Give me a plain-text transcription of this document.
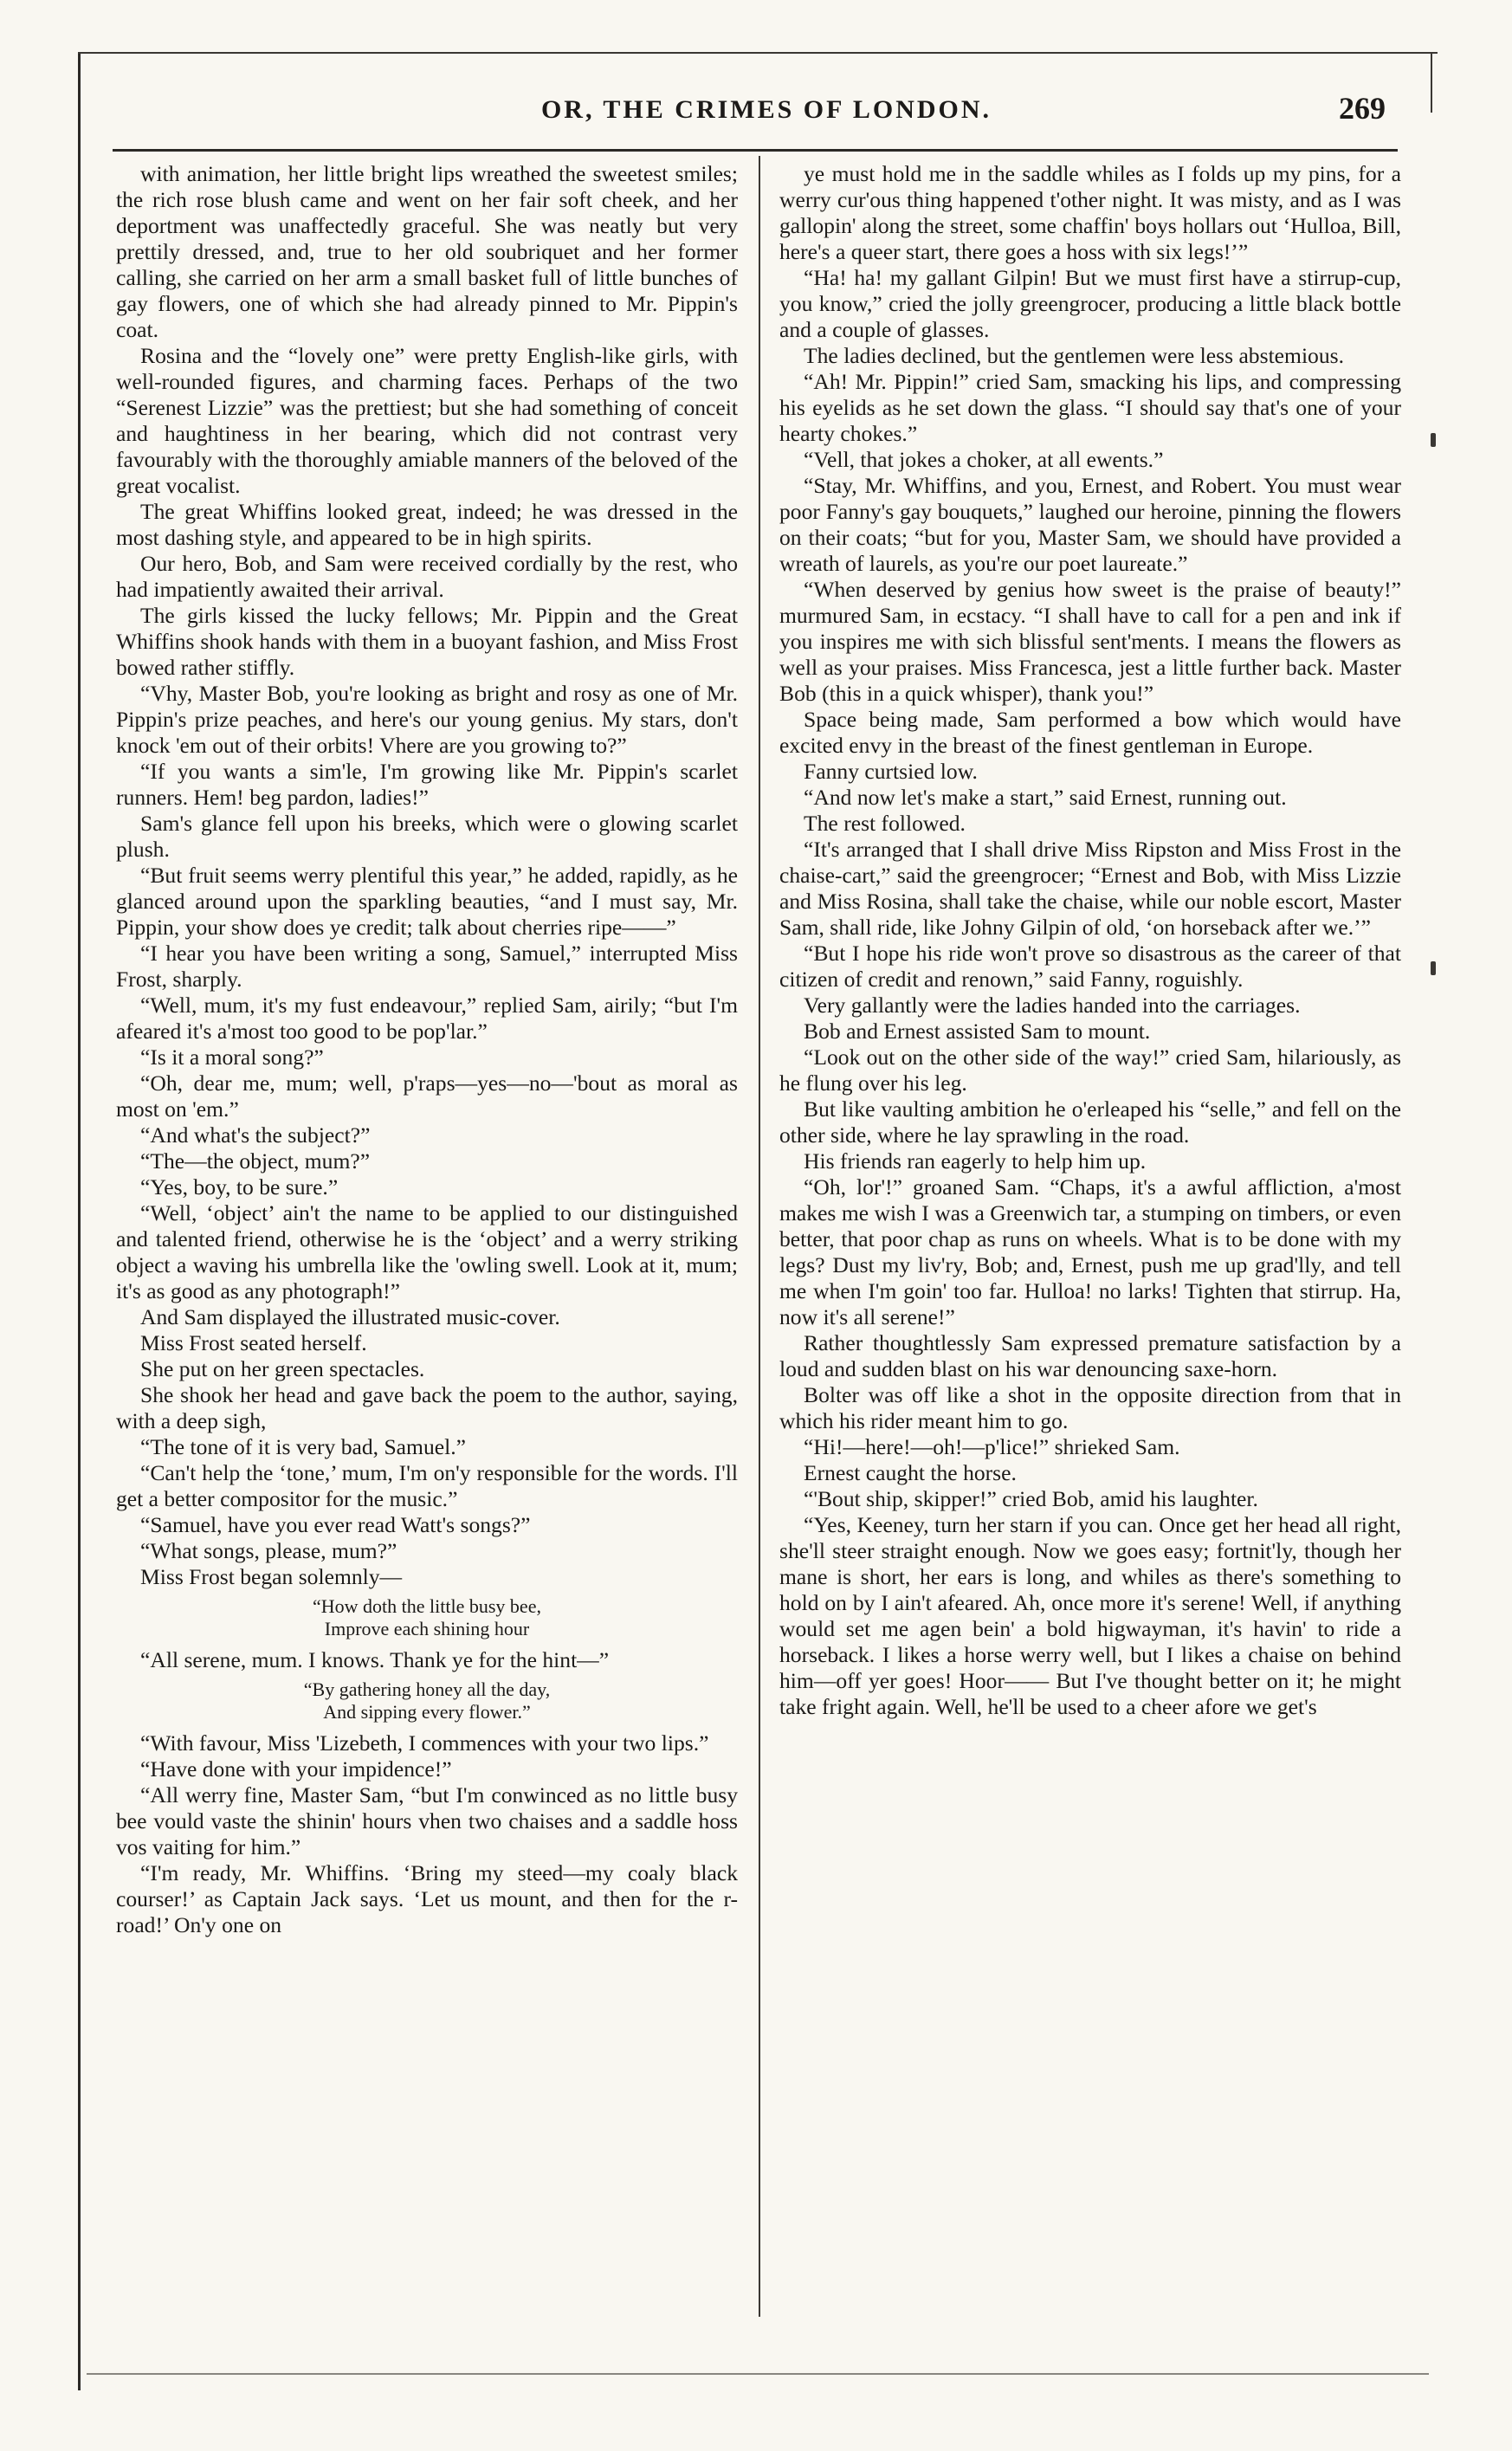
OR, THE CRIMES OF LONDON.	269

with animation, her little bright lips wreathed the sweetest smiles; the rich rose blush came and went on her fair soft cheek, and her deportment was unaffectedly graceful. She was neatly but very prettily dressed, and, true to her old soubriquet and her former calling, she carried on her arm a small basket full of little bunches of gay flowers, one of which she had already pinned to Mr. Pippin's coat.

Rosina and the “lovely one” were pretty English-like girls, with well-rounded figures, and charming faces. Perhaps of the two “Serenest Lizzie” was the prettiest; but she had something of conceit and haughtiness in her bearing, which did not contrast very favourably with the thoroughly amiable manners of the beloved of the great vocalist.

The great Whiffins looked great, indeed; he was dressed in the most dashing style, and appeared to be in high spirits.

Our hero, Bob, and Sam were received cordially by the rest, who had impatiently awaited their arrival.

The girls kissed the lucky fellows; Mr. Pippin and the Great Whiffins shook hands with them in a buoyant fashion, and Miss Frost bowed rather stiffly.

“Vhy, Master Bob, you're looking as bright and rosy as one of Mr. Pippin's prize peaches, and here's our young genius. My stars, don't knock 'em out of their orbits! Vhere are you growing to?”

“If you wants a sim'le, I'm growing like Mr. Pippin's scarlet runners. Hem! beg pardon, ladies!”

Sam's glance fell upon his breeks, which were o glowing scarlet plush.

“But fruit seems werry plentiful this year,” he added, rapidly, as he glanced around upon the sparkling beauties, “and I must say, Mr. Pippin, your show does ye credit; talk about cherries ripe——”

“I hear you have been writing a song, Samuel,” interrupted Miss Frost, sharply.

“Well, mum, it's my fust endeavour,” replied Sam, airily; “but I'm afeared it's a'most too good to be pop'lar.”

“Is it a moral song?”

“Oh, dear me, mum; well, p'raps—yes—no—'bout as moral as most on 'em.”

“And what's the subject?”

“The—the object, mum?”

“Yes, boy, to be sure.”

“Well, ‘object’ ain't the name to be applied to our distinguished and talented friend, otherwise he is the ‘object’ and a werry striking object a waving his umbrella like the 'owling swell. Look at it, mum; it's as good as any photograph!”

And Sam displayed the illustrated music-cover.

Miss Frost seated herself.

She put on her green spectacles.

She shook her head and gave back the poem to the author, saying, with a deep sigh,

“The tone of it is very bad, Samuel.”

“Can't help the ‘tone,’ mum, I'm on'y responsible for the words. I'll get a better compositor for the music.”

“Samuel, have you ever read Watt's songs?”

“What songs, please, mum?”

Miss Frost began solemnly—

“How doth the little busy bee,
Improve each shining hour

“All serene, mum. I knows. Thank ye for the hint—”

“By gathering honey all the day,
And sipping every flower.”

“With favour, Miss 'Lizebeth, I commences with your two lips.”

“Have done with your impidence!”

“All werry fine, Master Sam, “but I'm conwinced as no little busy bee vould vaste the shinin' hours vhen two chaises and a saddle hoss vos vaiting for him.”

“I'm ready, Mr. Whiffins. ‘Bring my steed—my coaly black courser!’ as Captain Jack says. ‘Let us mount, and then for the r-road!’ On'y one on

ye must hold me in the saddle whiles as I folds up my pins, for a werry cur'ous thing happened t'other night. It was misty, and as I was gallopin' along the street, some chaffin' boys hollars out ‘Hulloa, Bill, here's a queer start, there goes a hoss with six legs!’”

“Ha! ha! my gallant Gilpin! But we must first have a stirrup-cup, you know,” cried the jolly greengrocer, producing a little black bottle and a couple of glasses.

The ladies declined, but the gentlemen were less abstemious.

“Ah! Mr. Pippin!” cried Sam, smacking his lips, and compressing his eyelids as he set down the glass. “I should say that's one of your hearty chokes.”

“Vell, that jokes a choker, at all ewents.”

“Stay, Mr. Whiffins, and you, Ernest, and Robert. You must wear poor Fanny's gay bouquets,” laughed our heroine, pinning the flowers on their coats; “but for you, Master Sam, we should have provided a wreath of laurels, as you're our poet laureate.”

“When deserved by genius how sweet is the praise of beauty!” murmured Sam, in ecstacy. “I shall have to call for a pen and ink if you inspires me with sich blissful sent'ments. I means the flowers as well as your praises. Miss Francesca, jest a little further back. Master Bob (this in a quick whisper), thank you!”

Space being made, Sam performed a bow which would have excited envy in the breast of the finest gentleman in Europe.

Fanny curtsied low.

“And now let's make a start,” said Ernest, running out.

The rest followed.

“It's arranged that I shall drive Miss Ripston and Miss Frost in the chaise-cart,” said the greengrocer; “Ernest and Bob, with Miss Lizzie and Miss Rosina, shall take the chaise, while our noble escort, Master Sam, shall ride, like Johny Gilpin of old, ‘on horseback after we.’”

“But I hope his ride won't prove so disastrous as the career of that citizen of credit and renown,” said Fanny, roguishly.

Very gallantly were the ladies handed into the carriages.

Bob and Ernest assisted Sam to mount.

“Look out on the other side of the way!” cried Sam, hilariously, as he flung over his leg.

But like vaulting ambition he o'erleaped his “selle,” and fell on the other side, where he lay sprawling in the road.

His friends ran eagerly to help him up.

“Oh, lor'!” groaned Sam. “Chaps, it's a awful affliction, a'most makes me wish I was a Greenwich tar, a stumping on timbers, or even better, that poor chap as runs on wheels. What is to be done with my legs? Dust my liv'ry, Bob; and, Ernest, push me up grad'lly, and tell me when I'm goin' too far. Hulloa! no larks! Tighten that stirrup. Ha, now it's all serene!”

Rather thoughtlessly Sam expressed premature satisfaction by a loud and sudden blast on his war denouncing saxe-horn.

Bolter was off like a shot in the opposite direction from that in which his rider meant him to go.

“Hi!—here!—oh!—p'lice!” shrieked Sam.

Ernest caught the horse.

“'Bout ship, skipper!” cried Bob, amid his laughter.

“Yes, Keeney, turn her starn if you can. Once get her head all right, she'll steer straight enough. Now we goes easy; fortnit'ly, though her mane is short, her ears is long, and whiles as there's something to hold on by I ain't afeared. Ah, once more it's serene! Well, if anything would set me agen bein' a bold higwayman, it's havin' to ride a horseback. I likes a horse werry well, but I likes a chaise on behind him—off yer goes! Hoor—— But I've thought better on it; he might take fright again. Well, he'll be used to a cheer afore we get's
